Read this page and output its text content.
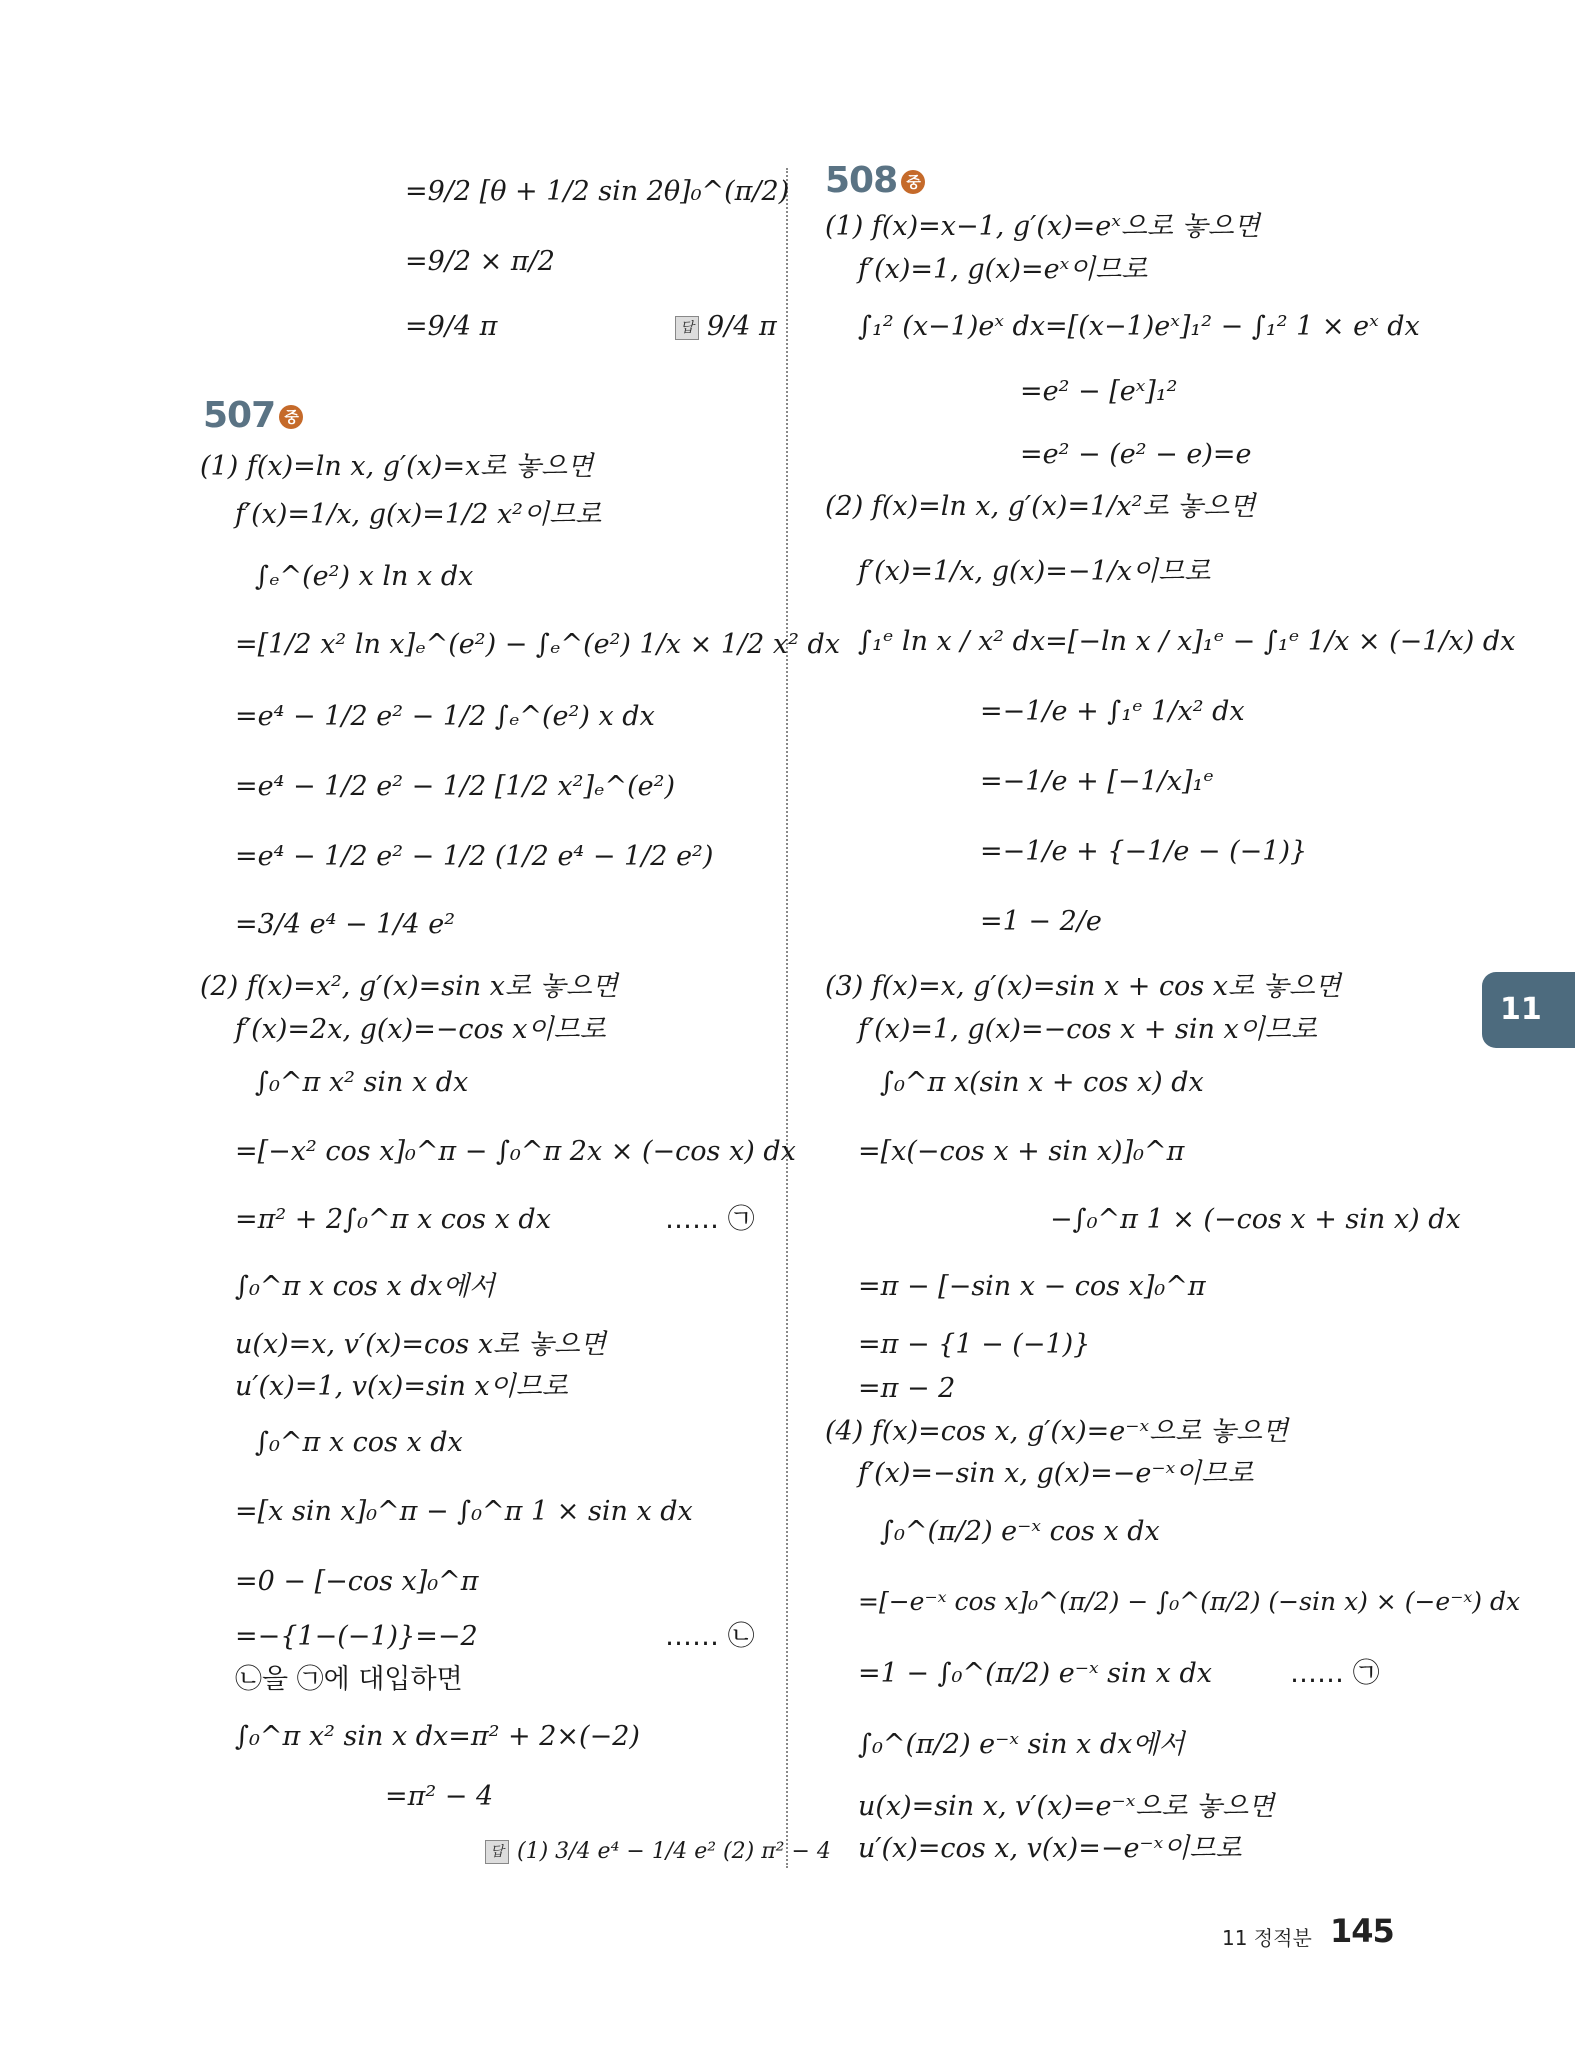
=9/2 [θ + 1/2 sin 2θ]₀^(π/2)
=9/2 × π/2
=9/4 π	답 9/4 π
507 중
(1) f(x)=ln x, g′(x)=x로 놓으면
f′(x)=1/x, g(x)=1/2 x²이므로
∫ₑ^(e²) x ln x dx
=[1/2 x² ln x]ₑ^(e²) − ∫ₑ^(e²) 1/x × 1/2 x² dx
=e⁴ − 1/2 e² − 1/2 ∫ₑ^(e²) x dx
=e⁴ − 1/2 e² − 1/2 [1/2 x²]ₑ^(e²)
=e⁴ − 1/2 e² − 1/2 (1/2 e⁴ − 1/2 e²)
=3/4 e⁴ − 1/4 e²
(2) f(x)=x², g′(x)=sin x로 놓으면
f′(x)=2x, g(x)=−cos x이므로
∫₀^π x² sin x dx
=[−x² cos x]₀^π − ∫₀^π 2x × (−cos x) dx
=π² + 2∫₀^π x cos x dx	…… ㉠
∫₀^π x cos x dx에서
u(x)=x, v′(x)=cos x로 놓으면
u′(x)=1, v(x)=sin x이므로
∫₀^π x cos x dx
=[x sin x]₀^π − ∫₀^π 1 × sin x dx
=0 − [−cos x]₀^π
=−{1−(−1)}=−2	…… ㉡
㉡을 ㉠에 대입하면
∫₀^π x² sin x dx=π² + 2×(−2)
=π² − 4
답 (1) 3/4 e⁴ − 1/4 e² (2) π² − 4
508 중
(1) f(x)=x−1, g′(x)=eˣ으로 놓으면
f′(x)=1, g(x)=eˣ이므로
∫₁² (x−1)eˣ dx=[(x−1)eˣ]₁² − ∫₁² 1 × eˣ dx
=e² − [eˣ]₁²
=e² − (e² − e)=e
(2) f(x)=ln x, g′(x)=1/x²로 놓으면
f′(x)=1/x, g(x)=−1/x이므로
∫₁ᵉ ln x / x² dx=[−ln x / x]₁ᵉ − ∫₁ᵉ 1/x × (−1/x) dx
=−1/e + ∫₁ᵉ 1/x² dx
=−1/e + [−1/x]₁ᵉ
=−1/e + {−1/e − (−1)}
=1 − 2/e
(3) f(x)=x, g′(x)=sin x + cos x로 놓으면
f′(x)=1, g(x)=−cos x + sin x이므로
∫₀^π x(sin x + cos x) dx
=[x(−cos x + sin x)]₀^π
−∫₀^π 1 × (−cos x + sin x) dx
=π − [−sin x − cos x]₀^π
=π − {1 − (−1)}
=π − 2
(4) f(x)=cos x, g′(x)=e⁻ˣ으로 놓으면
f′(x)=−sin x, g(x)=−e⁻ˣ이므로
∫₀^(π/2) e⁻ˣ cos x dx
=[−e⁻ˣ cos x]₀^(π/2) − ∫₀^(π/2) (−sin x) × (−e⁻ˣ) dx
=1 − ∫₀^(π/2) e⁻ˣ sin x dx	…… ㉠
∫₀^(π/2) e⁻ˣ sin x dx에서
u(x)=sin x, v′(x)=e⁻ˣ으로 놓으면
u′(x)=cos x, v(x)=−e⁻ˣ이므로
11
11 정적분 145
